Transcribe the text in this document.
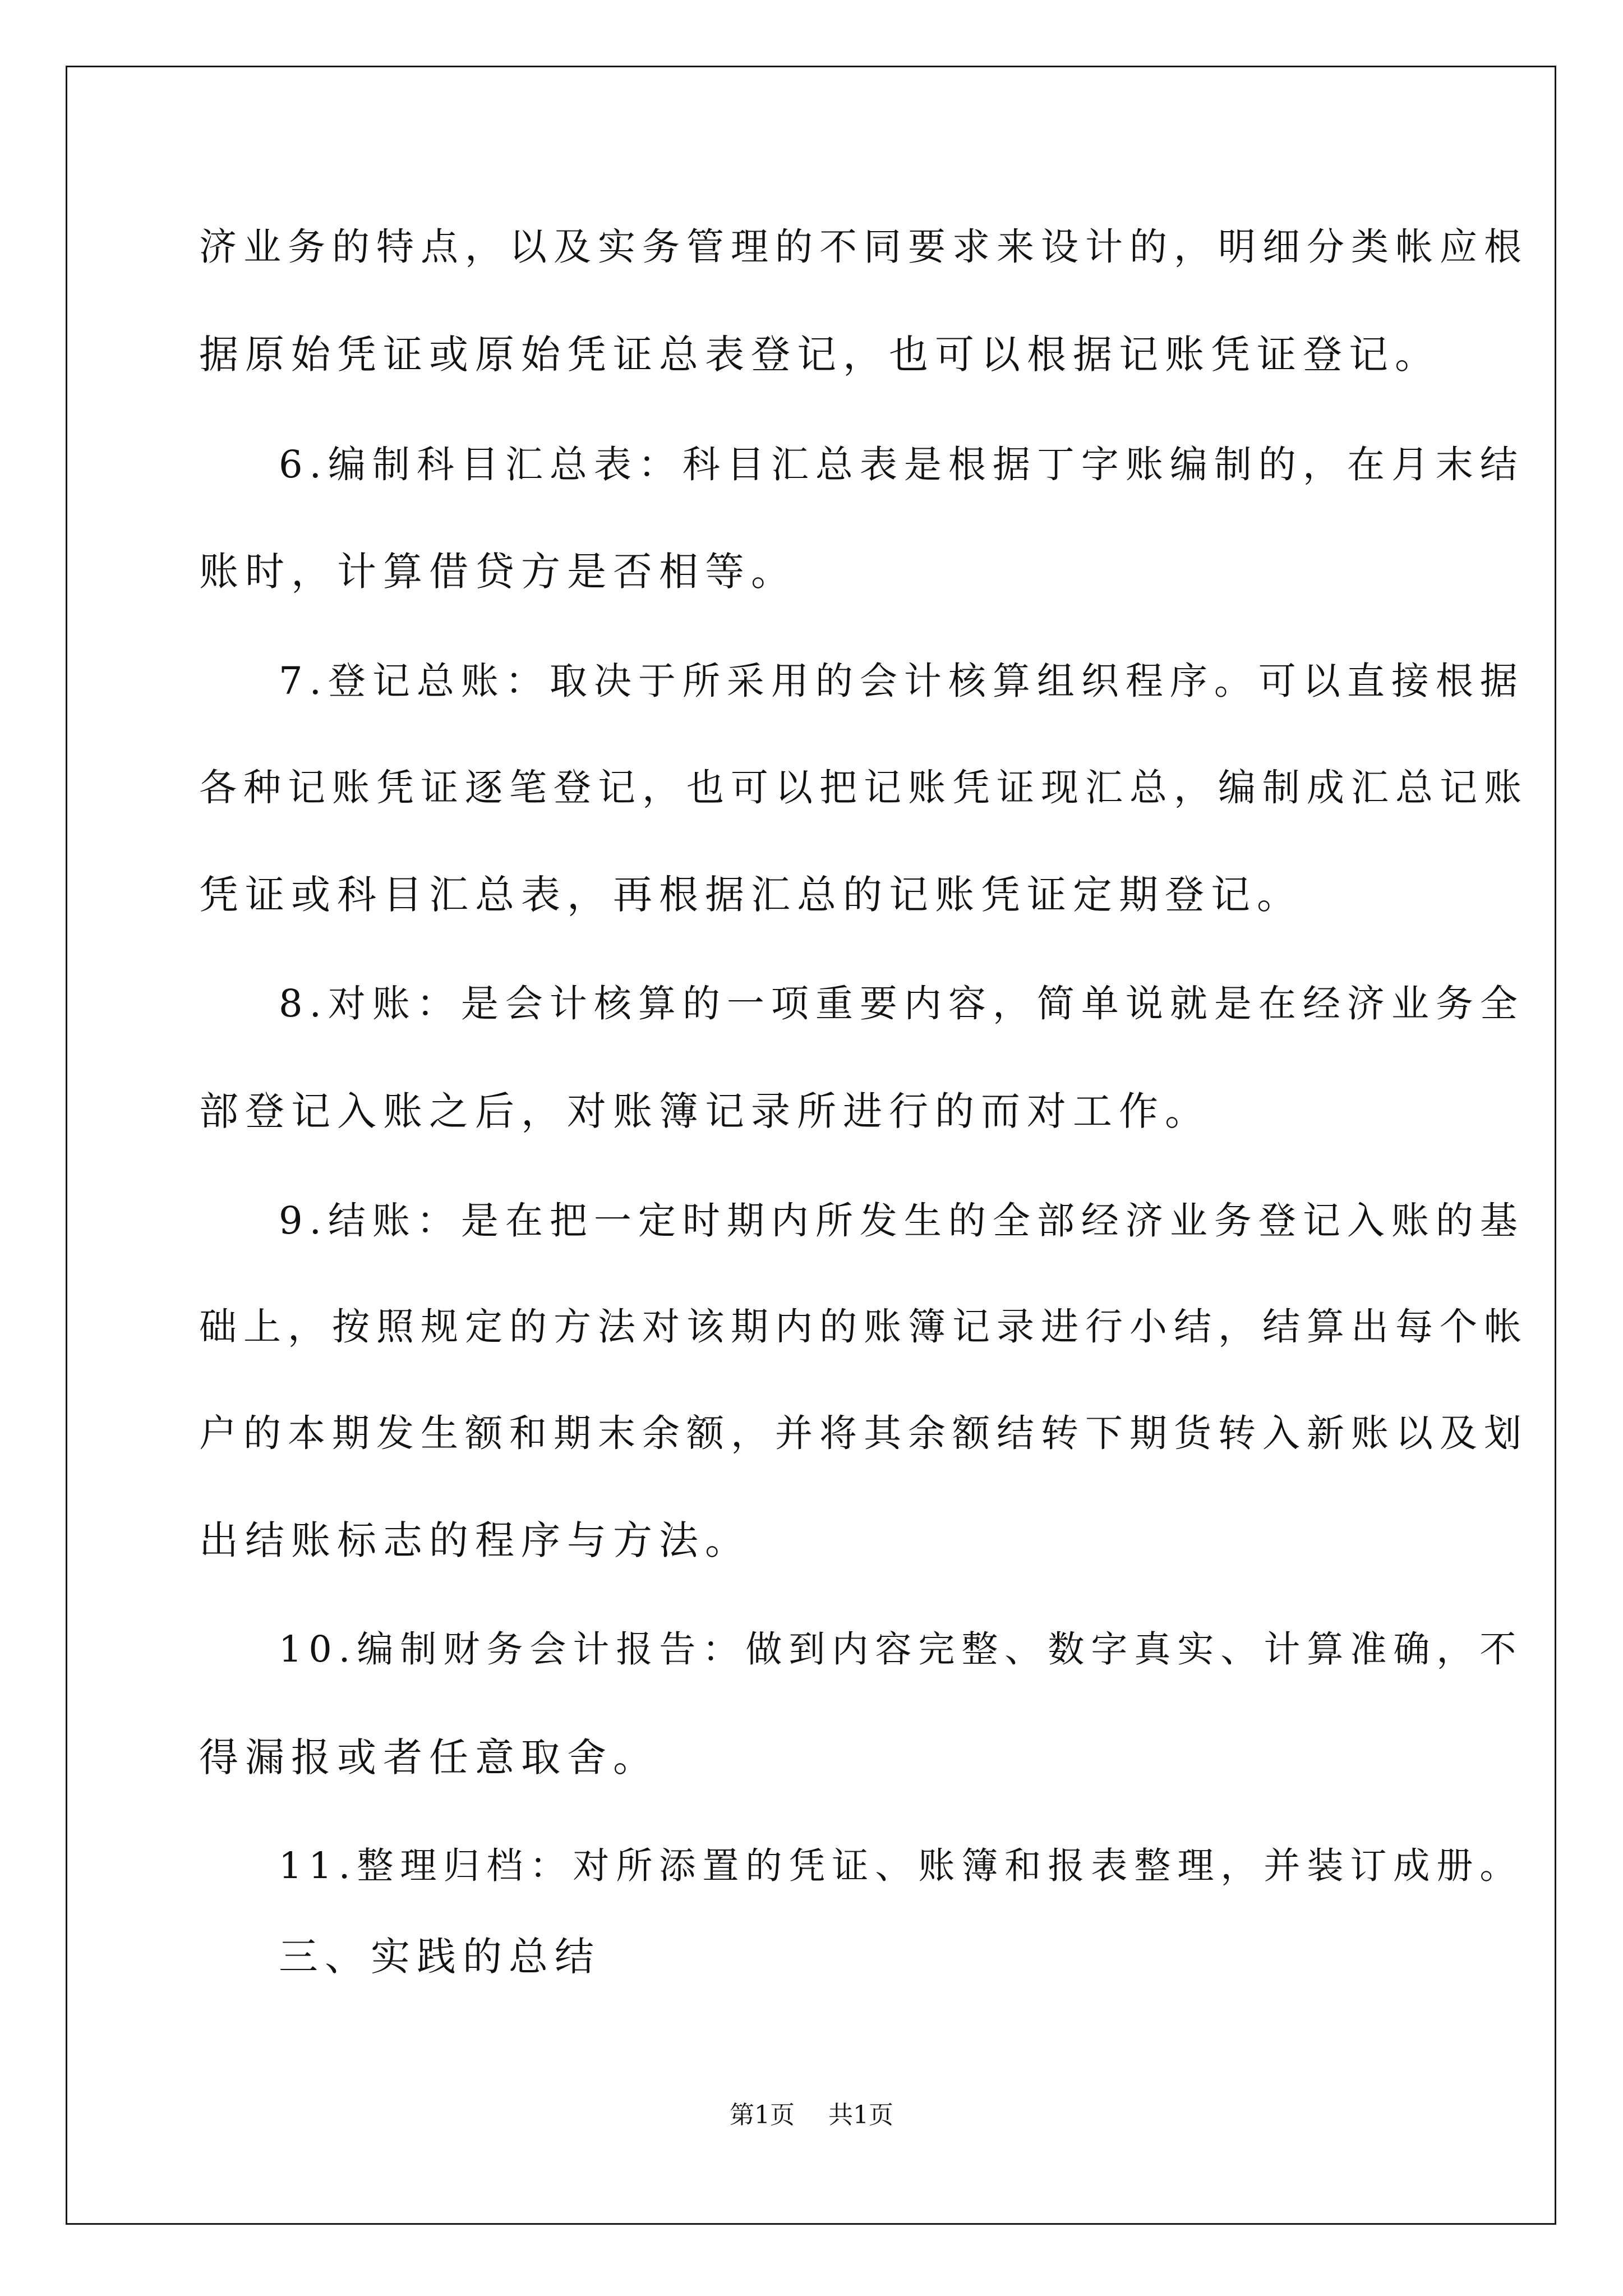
济业务的特点，以及实务管理的不同要求来设计的，明细分类帐应根
据原始凭证或原始凭证总表登记，也可以根据记账凭证登记。
6.编制科目汇总表：科目汇总表是根据丁字账编制的，在月末结
账时，计算借贷方是否相等。
7.登记总账：取决于所采用的会计核算组织程序。可以直接根据
各种记账凭证逐笔登记，也可以把记账凭证现汇总，编制成汇总记账
凭证或科目汇总表，再根据汇总的记账凭证定期登记。
8.对账：是会计核算的一项重要内容，简单说就是在经济业务全
部登记入账之后，对账簿记录所进行的而对工作。
9.结账：是在把一定时期内所发生的全部经济业务登记入账的基
础上，按照规定的方法对该期内的账簿记录进行小结，结算出每个帐
户的本期发生额和期末余额，并将其余额结转下期货转入新账以及划
出结账标志的程序与方法。
10.编制财务会计报告：做到内容完整、数字真实、计算准确，不
得漏报或者任意取舍。
11.整理归档：对所添置的凭证、账簿和报表整理，并装订成册。
三、实践的总结
第1页 共1页
